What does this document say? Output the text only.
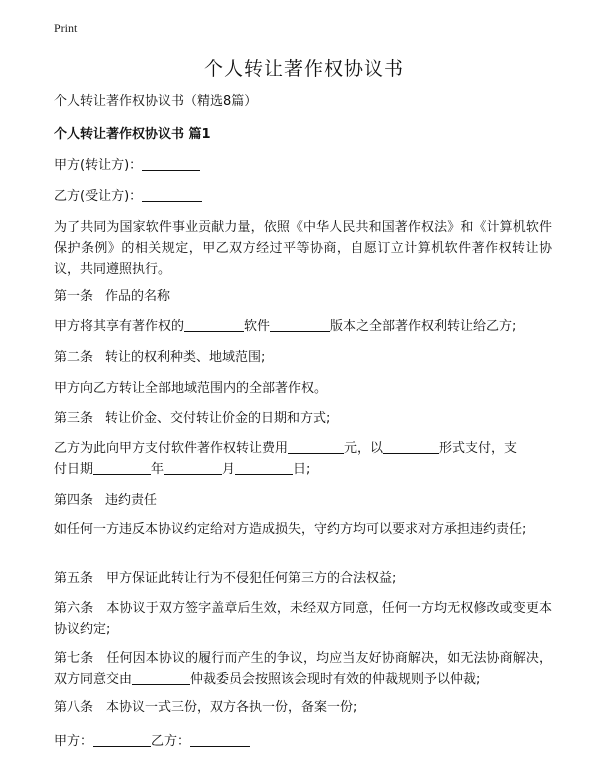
Print
个人转让著作权协议书
个人转让著作权协议书（精选8篇）
个人转让著作权协议书 篇1
甲方(转让方)：
乙方(受让方)：
为了共同为国家软件事业贡献力量，依照《中华人民共和国著作权法》和《计算机软件保护条例》的相关规定，甲乙双方经过平等协商，自愿订立计算机软件著作权转让协议，共同遵照执行。
第一条 作品的名称
甲方将其享有著作权的	软件	版本之全部著作权利转让给乙方;
第二条 转让的权利种类、地域范围;
甲方向乙方转让全部地域范围内的全部著作权。
第三条 转让价金、交付转让价金的日期和方式;
乙方为此向甲方支付软件著作权转让费用	元，以	形式支付，支
付日期	年	月	日;
第四条 违约责任
如任何一方违反本协议约定给对方造成损失，守约方均可以要求对方承担违约责任;
第五条　甲方保证此转让行为不侵犯任何第三方的合法权益;
第六条　本协议于双方签字盖章后生效，未经双方同意，任何一方均无权修改或变更本协议约定;
第七条　任何因本协议的履行而产生的争议，均应当友好协商解决，如无法协商解决，双方同意交由	仲裁委员会按照该会现时有效的仲裁规则予以仲裁;
第八条　本协议一式三份，双方各执一份，备案一份;
甲方：	乙方：
